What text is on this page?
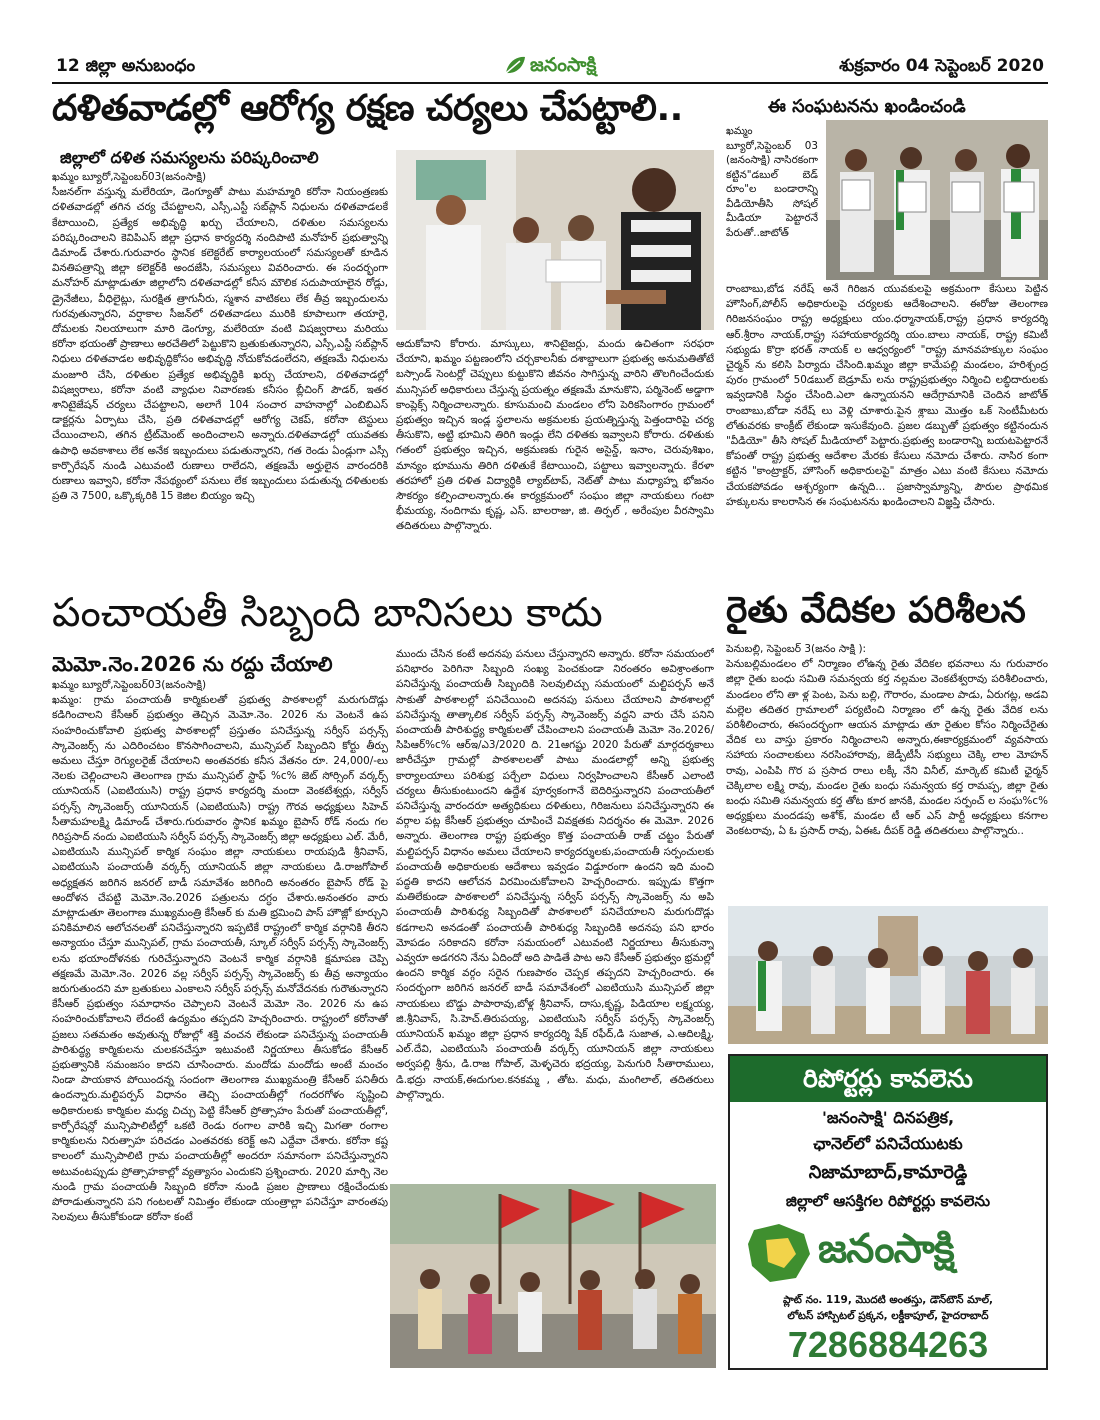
12 జిల్లా అనుబంధం	జనంసాక్షి	శుక్రవారం 04 సెప్టెంబర్ 2020
దళితవాడల్లో ఆరోగ్య రక్షణ చర్యలు చేపట్టాలి..
జిల్లాలో దళిత సమస్యలను పరిష్కరించాలి
ఖమ్మం బ్యూరో,సెప్టెంబర్03(జనంసాక్షి)
సీజనల్‌గా వస్తున్న మలేరియా, డెంగ్యూతో పాటు మహమ్మారి కరోనా నియంత్రణకు దళితవాడల్లో తగిన చర్య చేపట్టాలని, ఎస్సీ,ఎస్టీ సబ్‌ప్లాన్ నిధులను దళితవాడలకే కేటాయించి, ప్రత్యేక అభివృద్ధి ఖర్చు చేయాలని, దళితుల సమస్యలను పరిష్కరించాలని కెవిపిఎస్ జిల్లా ప్రధాన కార్యదర్శి నందిపాటి మనోహర్ ప్రభుత్వాన్ని డిమాండ్ చేశారు.గురువారం స్థానిక కలెక్టరేట్ కార్యాలయంలో సమస్యలతో కూడిన వినతిపత్రాన్ని జిల్లా కలెక్టర్‌కి అందజేసి, సమస్యలు వివరించారు. ఈ సందర్భంగా మనోహర్ మాట్లాడుతూ జిల్లాలోని దళితవాడల్లో కనీస మౌలిక సదుపాయాలైన రోడ్లు, డ్రైనేజీలు, వీధిలైట్లు, సురక్షిత త్రాగునీరు, స్మశాన వాటికలు లేక తీవ్ర ఇబ్బందులను గురవుతున్నారని, వర్షాకాల సీజన్‌లో దళితవాడలు మురికి కూపాలుగా తయారై, దోమలకు నిలయాలుగా మారి డెంగ్యూ, మలేరియా వంటి విషజ్వరాలు మరియు కరోనా భయంతో ప్రాణాలు అరచేతిలో పెట్టుకొని బ్రతుకుతున్నారని, ఎస్సీ,ఎస్టీ సబ్‌ప్లాన్ నిధులు దళితవాడల అభివృద్ధికోసం అభివృద్ధి నోచుకోవడంలేదని, తక్షణమే నిధులను మంజూరి చేసి, దళితుల ప్రత్యేక అభివృద్ధికి ఖర్చు చేయాలని, దళితవాడల్లో విషజ్వరాలు, కరోనా వంటి వ్యాధుల నివారణకు కనీసం బ్లీచింగ్ పౌడర్, ఇతర శానిటైజేషన్ చర్యలు చేపట్టాలని, అలాగే 104 సంచార వాహనాల్లో ఎంబిబిఎస్ డాక్టర్లను ఏర్పాటు చేసి, ప్రతి దళితవాడల్లో ఆరోగ్య చెకప్, కరోనా టెస్టులు చేయించాలని, తగిన ట్రీట్‌మెంట్ అందించాలని అన్నారు.దళితవాడల్లో యువతకు ఉపాధి అవకాశాలు లేక అనేక ఇబ్బందులు పడుతున్నారని, గత రెండు ఏండ్లుగా ఎస్సీ కార్పొరేషన్ నుండి ఎటువంటి రుణాలు రాలేదని, తక్షణమే అర్హులైన వారందరికి రుణాలు ఇవ్వాని, కరోనా నేపథ్యంలో పనులు లేక ఇబ్బందులు పడుతున్న దళితులకు ప్రతి నె 7500, ఒక్కొక్కరికి 15 కెజిల బియ్యం ఇచ్చి
ఆదుకోవాని కోరారు. మాస్కులు, శానిటైజర్లు, మందు ఉచితంగా సరఫరా చేయాని, ఖమ్మం పట్టణంలోని చర్చకాలనీకు దశాబ్దాలుగా ప్రభుత్వ అనుమతితోటే బస్సాండ్ సెంటర్లో చెప్పులు కుట్టుకొని జీవనం సాగిస్తున్న వారిని తొలగించేందుకు మున్సిపల్ అధికారులు చేస్తున్న ప్రయత్నం తక్షణమే మానుకొని, పర్మినెంట్ అడ్డాగా కాంప్లెక్స్ నిర్మించాలన్నారు. కూసుమంచి మండలం లోని పెరికసింగారం గ్రామంలో ప్రభుత్వం ఇచ్చిన ఇండ్ల స్థలాలను అక్రమలకు ప్రయత్నిస్తున్న పెత్తందారిపై చర్య తీసుకొని, అట్టి భూమిని తిరిగి ఇండ్లు లేని దళితకు ఇవ్వాలని కోరారు. దళితుకు గతంలో ప్రభుత్వం ఇచ్చిన, అక్రమణకు గురైన అసైన్డ్, ఇనాం, చెరువుశిఖం, మాన్యం భూమును తిరిగి దళితుకే కేటాయించి, పట్టాలు ఇవ్వాలన్నారు. కేరళా తరహాలో ప్రతి దళిత విద్యార్థికి ల్యాబ్‌టాప్, నెట్‌తో పాటు మధ్యాహ్న భోజనం సౌకర్యం కల్పించాలన్నారు.ఈ కార్యక్రమంలో సంఘం జిల్లా నాయకులు గంటా భీమయ్య, నందిగామ కృష్ణ, ఎస్. బాలరాజు, జి. తిర్పల్ , అరేంపుల వీరస్వామి తదితరులు పాల్గొన్నారు.
ఈ సంఘటనను ఖండించండి
ఖమ్మం బ్యూరో,సెప్టెంబర్ 03 (జనంసాక్షి) నాసిరకంగా కట్టిన"డబుల్ బెడ్ రూం"ల బండారాన్ని వీడియోతీసి సోషల్ మీడియా పెట్టారనే పేరుతో..జాటోత్
రాంబాబు,బోడ నరేష్ అనే గిరిజన యువకులపై అక్రమంగా కేసులు పెట్టిన హౌసింగ్,పోలీస్ అధికారులపై చర్యలకు ఆదేశించాలని. ఈరోజు తెలంగాణ గిరిజనసంఘం రాష్ట్ర అధ్యక్షులు యం.ధర్మానాయక్,రాష్ట్ర ప్రధాన కార్యదర్శి ఆర్.శ్రీరాం నాయక్,రాష్ట్ర సహాయకార్యదర్శి యం.బాలు నాయక్, రాష్ట్ర కమిటీ సభ్యుడు కొర్రా భరత్ నాయక్ ల ఆధ్వర్యంలో "రాష్ట్ర మానవహక్కుల సంఘం చైర్మన్ ను కలిసి పిర్యాదు చేసింది.ఖమ్మం జిల్లా కామేపల్లి మండలం, హరిశ్చంద్ర పురం గ్రామంలో 50డబుల్ బెడ్రూమ్ లను రాష్ట్రప్రభుత్వం నిర్మించి లబ్ధిదారులకు ఇవ్వడానికి సిద్ధం చేసింది.ఎలా ఉన్నాయనని ఆదేగ్రామానికి చెందిన జాటోత్ రాంబాబు,బోడా నరేష్ లు వెళ్లి చూశారు.పైన శ్లాబు మొత్తం ఒక్ సెంటీమీటరు లోతువరకు కాంక్రీట్ లేకుండా ఇసుకేవుంది. ప్రజల డబ్బుతో ప్రభుత్వం కట్టినందున "వీడియో" తీసి సోషల్ మీడియాలో పెట్టారు.ప్రభుత్వ బండారాన్ని బయటపెట్టారనే కోపంతో రాష్ట్ర ప్రభుత్వ ఆదేశాల మేరకు కేసులు నమోదు చేశారు. నాసిర కంగా కట్టిన "కాంట్రాక్టర్, హౌసింగ్ అధికారులపై" మాత్రం ఎటు వంటి కేసులు నమోదు చేయకపోవడం ఆశ్చర్యంగా ఉన్నది... ప్రజాస్వామ్యాన్ని, పౌరుల ప్రాథమిక హక్కులను కాలరాసిన ఈ సంఘటనను ఖండించాలని విజ్ఞప్తి చేసారు.
పంచాయతీ సిబ్బంది బానిసలు కాదు
మెమో.నెం.2026 ను రద్దు చేయాలి
ఖమ్మం బ్యూరో,సెప్టెంబర్03(జనంసాక్షి)
ఖమ్మం: గ్రామ పంచాయతీ కార్మికులతో ప్రభుత్వ పాఠశాలల్లో మరుగుదొడ్లు కడిగించాలని కేసీఆర్ ప్రభుత్వం తెచ్చిన మెమో.నెం. 2026 ను వెంటనే ఉప సంహరించుకోవాలి ప్రభుత్వ పాఠశాలల్లో ప్రస్తుతం పనిచేస్తున్న సర్వీస్ పర్సన్స్ స్కావెంజర్స్ ను ఎదిరించటం కొనసాగించాలని, మున్సిపల్ సిబ్బందిని కోర్టు తీర్పు అమలు చేస్తూ రెగ్యులరైజ్ చేయాలని అంతవరకు కనీస వేతనం రూ. 24,000/-లు నెలకు చెల్లించాలని తెలంగాణ గ్రామ మున్సిపల్ స్టాఫ్ %c% జెట్ సోర్సింగ్ వర్కర్స్ యూనియన్ (ఎఐటియుసి) రాష్ట్ర ప్రధాన కార్యదర్శి మందా వెంకటేశ్వర్లు, సర్వీస్ పర్సన్స్ స్కావెంజర్స్ యూనియన్ (ఎఐటియుసి) రాష్ట్ర గౌరవ అధ్యక్షులు సిహెచ్ సీతామహలక్ష్మి డిమాండ్ చేశారు.గురువారం స్థానిక ఖమ్మం బైపాస్ రోడ్ నందు గల గిరిప్రసాద్ నందు ఎఐటియుసి సర్వీస్ పర్సన్స్ స్కావెంజర్స్ జిల్లా అధ్యక్షులు ఎల్. మేరీ, ఎఐటియుసి మున్సిపల్ కార్మిక సంఘం జిల్లా నాయకులు రాయపుడి శ్రీనివాస్, ఎఐటియుసి పంచాయతీ వర్కర్స్ యూనియన్ జిల్లా నాయకులు డి.రాజగోపాల్ అధ్యక్షతన జరిగిన జనరల్ బాడీ సమావేశం జరిగింది అనంతరం బైపాస్ రోడ్ పై ఆందోళన చేపట్టి మెమో.నెం.2026 పత్రులను దగ్ధం చేశారు.అనంతరం వారు మాట్లాడుతూ తెలంగాణ ముఖ్యమంత్రి కేసీఆర్ కు మతి భ్రమించి పాస్ హౌజ్లో కూర్చుని పనికిమాలిన ఆలోచనలతో పనిచేస్తున్నారని ఇప్పటికే రాష్ట్రంలో కార్మిక వర్గానికి తీరని అన్యాయం చేస్తూ మున్సిపల్, గ్రామ పంచాయతీ, స్కూల్ సర్వీస్ పర్సన్స్ స్కావెంజర్స్ లను భయాందోళనకు గురిచేస్తున్నారని వెంటనే కార్మిక వర్గానికి క్షమాపణ చెప్పి తక్షణమే మెమో.నెం. 2026 వల్ల సర్వీస్ పర్సన్స్ స్కావెంజర్స్ కు తీవ్ర అన్యాయం జరుగుతుందని మా బ్రతుకులు ఎంకాలని సర్వీస్ పర్సన్స్ మనోవేదనకు గురౌతున్నారని కేసీఆర్ ప్రభుత్వం సమాధానం చెప్పాలని వెంటనే మెమో నెం. 2026 ను ఉప సంహరించుకోవాలని లేదంటే ఉద్యమం తప్పదని హెచ్చరించారు. రాష్ట్రంలో కరోనాతో ప్రజలు సతమతం అవుతున్న రోజుల్లో శక్తి వంచన లేకుండా పనిచేస్తున్న పంచాయతీ పారిశుద్ధ్య కార్మికులను చులకనచేస్తూ ఇటువంటి నిర్ణయాలు తీసుకోడం కేసీఆర్ ప్రభుత్వానికి సమంజసం కాదని చూసించారు. మందోడు మందోడు అంటే మంచం నిండా పాయకాన పోయిందన్న సందంగా తెలంగాణ ముఖ్యమంత్రి కేసీఆర్ పనితీరు ఉందన్నారు.మల్టిపర్పస్ విధానం తెచ్చి పంచాయతీల్లో గందరగోళం సృష్టించి అధికారులకు కార్మికుల మధ్య చిచ్చు పెట్టి కేసీఆర్ ప్రోత్సాహం పేరుతో పంచాయతీల్లో, కార్పోరేషన్లో మున్సిపాలిటీల్లో ఒకటి రెండు రంగాల వారికి ఇచ్చి మిగతా రంగాల కార్మికులను నిరుత్సాహ పరిచడం ఎంతవరకు కరెక్ట్ అని ఎద్దేవా చేశారు. కరోనా కష్ట కాలంలో మున్సిపాలిటి గ్రామ పంచాయతీల్లో అందరూ సమానంగా పనిచేస్తున్నారని అటువంటప్పుడు ప్రోత్సాహకాల్లో వ్యత్యాసం ఎందుకని ప్రశ్నించారు. 2020 మార్చి నెల నుండి గ్రామ పంచాయతీ సిబ్బంది కరోనా నుండి ప్రజల ప్రాణాలు రక్షించేందుకు పోరాడుతున్నారని పని గంటలతో నిమిత్తం లేకుండా యంత్రాల్లా పనిచేస్తూ వారంతపు సెలవులు తీసుకోకుండా కరోనా కంటే
ముందు చేసిన కంటే అదనపు పనులు చేస్తున్నారని అన్నారు. కరోనా సమయంలో పనిభారం పెరిగినా సిబ్బంది సంఖ్య పెంచకుండా నిరంతరం అవిశ్రాంతంగా పనిచేస్తున్న పంచాయతీ సిబ్బందికి సెలవులిచ్చు సమయంలో మల్టిపర్పస్ అనే సాకుతో పాఠశాలల్లో పనిచేయించి అదనపు పనులు చేయాలని పాఠశాలల్లో పనిచేస్తున్న తాత్కాలిక సర్వీస్ పర్సన్స్ స్కావెంజర్స్ వద్దని వారు చేసే పనిని పంచాయతీ పారిశుద్ధ్య కార్మికులతో చేపించాలని పంచాయతీ మెమో నెం.2026/ సిపిఆర్%c% ఆర్‌ఇ/ఎ3/2020 ది. 21ఆగష్టు 2020 పేరుతో మార్గదర్శకాలు జారీచేస్తూ గ్రామల్లో పాఠశాలలతో పాటు మండలాల్లో అన్ని ప్రభుత్వ కార్యాలయాలు పరిశుభ్ర పర్చేలా విధులు నిర్వహించాలని కేసీఆర్ ఎలాంటి చర్యలు తీసుకుంటుందని ఉద్దేశ పూర్వకంగానే బెదిరిస్తున్నారని పంచాయతీలో పనిచేస్తున్న వారందరూ అత్యధికులు దళితులు, గిరిజనులు పనిచేస్తున్నారని ఈ వర్గాల పట్ల కేసీఆర్ ప్రభుత్వం చూపించే వివక్షతకు నిదర్శనం ఈ మెమో. 2026 అన్నారు. తెలంగాణ రాష్ట్ర ప్రభుత్వం కొత్త పంచాయతీ రాజ్ చట్టం పేరుతో మల్టిపర్పస్ విధానం అమలు చేయాలని కార్యదర్శులకు,పంచాయతీ సర్పంచులకు పంచాయతీ అధికారులకు ఆదేశాలు ఇవ్వడం విడ్డూరంగా ఉందని ఇది మంచి పద్ధతి కాదని ఆలోచన విరమించుకోవాలని హెచ్చరించారు. ఇప్పుడు కొత్తగా మతిలేకుండా పాఠశాలలో పనిచేస్తున్న సర్వీస్ పర్సన్స్ స్కావెంజర్స్ ను అపి పంచాయతీ పారిశుధ్య సిబ్బందితో పాఠశాలలో పనిచేయాలని మరుగుదొడ్లు కడగాలని అనడంతో పంచాయతీ పారిశుధ్య సిబ్బందికి అదనపు పని భారం మోపడం సరికాదని కరోనా సమయంలో ఎటువంటి నిర్ణయాలు తీసుకున్నా ఎవ్వరూ అడగరని నేను ఏదిందో అది పాడితే పాట అని కేసీఆర్ ప్రభుత్వం భ్రమల్లో ఉందని కార్మిక వర్గం సరైన గుణపాఠం చెప్పక తప్పదని హెచ్చరించారు. ఈ సందర్భంగా జరిగిన జనరల్ బాడీ సమావేశంలో ఎఐటియుసి మున్సిపల్ జిల్లా నాయకులు బొడ్డు పాపారావు,బోళ్ల శ్రీనివాస్, దాసు,కృష్ణ, పిడియాల లక్ష్మయ్య, జి.శ్రీనివాస్, సి.హెచ్.తిరుపయ్య, ఎఐటియుసి సర్వీస్ పర్సన్స్ స్కావెంజర్స్ యూనియన్ ఖమ్మం జిల్లా ప్రధాన కార్యదర్శి షేక్ రఫీద్,డి సుజాత, ఎ.ఆదిలక్ష్మి, ఎల్.దేవి, ఎఐటియుసి పంచాయతీ వర్కర్స్ యూనియన్ జిల్లా నాయకులు అర్వపల్లి శ్రీను, డి.రాజ గోపాల్, మెళ్ళచెరు భద్రయ్య, పెనుగురి సీతారాములు, డి.భద్రు నాయక్,ఈదుగుల.కనకమ్మ , తోట. మధు, మంగిలాల్, తదితరులు పాల్గొన్నారు.
రైతు వేదికల పరిశీలన
పెనుబల్లి, సెప్టెంబర్ 3(జనం సాక్షి ):
పెనుబల్లిమండలం లో నిర్మాణం లోఉన్న రైతు వేదికల భవనాలు ను గురువారం జిల్లా రైతు బంధు సమితి సమన్వయ కర్త నల్లమల వెంకటేశ్వరావు పరిశీలించారు, మండలం లోని తా ళ్ల పెంట, పెను బల్లి, గౌరారం, మండాల పాడు, ఏరుగట్ల, అడవి మల్లెల తదితర గ్రామాలలో పర్యటించి నిర్మాణం లో ఉన్న రైతు వేదిక లను పరిశీలించారు, ఈసందర్భంగా ఆయన మాట్లాడు తూ రైతుల కోసం నిర్మించేరైతు వేదిక లు వాస్తు ప్రకారం నిర్మించాలని అన్నారు,ఈకార్యక్రమంలో వ్యవసాయ సహాయ సంచాలకులు నరసింహారావు, జెడ్పీటీసీ సభ్యులు చెక్కి లాల మోహన్ రావు, ఎంపిపి గొర ప స్రసాద రాలు లక్కీ నేని వినీల్, మార్కెట్ కమిటీ ఛైర్మన్ చెక్కిలాల లక్ష్మి రావు, మండల రైతు బంధు సమన్వయ కర్త రామప్ప, జిల్లా రైతు బంధు సమితి సమన్వయ కర్త తోట కూర జానకి, మండల సర్పంచ్ ల సంఘ%c% అధ్యక్షులు మందడపు అశోక్, మండల టీ ఆర్ ఎస్ పార్టీ అధ్యక్షులు కనగాల వెంకటరావు, ఏ ఓ ప్రసాద్ రావు, ఏఈఓ దీపక్ రెడ్డి తదితరులు పాల్గొన్నారు..
రిపోర్టర్లు కావలెను
'జనంసాక్షి' దినపత్రిక,
ఛానెల్‌లో పనిచేయుటకు
నిజామాబాద్,కామారెడ్డి
జిల్లాలో ఆసక్తిగల రిపోర్టర్లు కావలెను
జనంసాక్షి
ప్లాట్ నం. 119, మొదటి అంతస్తు, డౌన్‌టౌన్ మాల్,
లోటస్ హాస్పిటల్ ప్రక్కన, లక్డీకాపూల్, హైదరాబాద్
7286884263
